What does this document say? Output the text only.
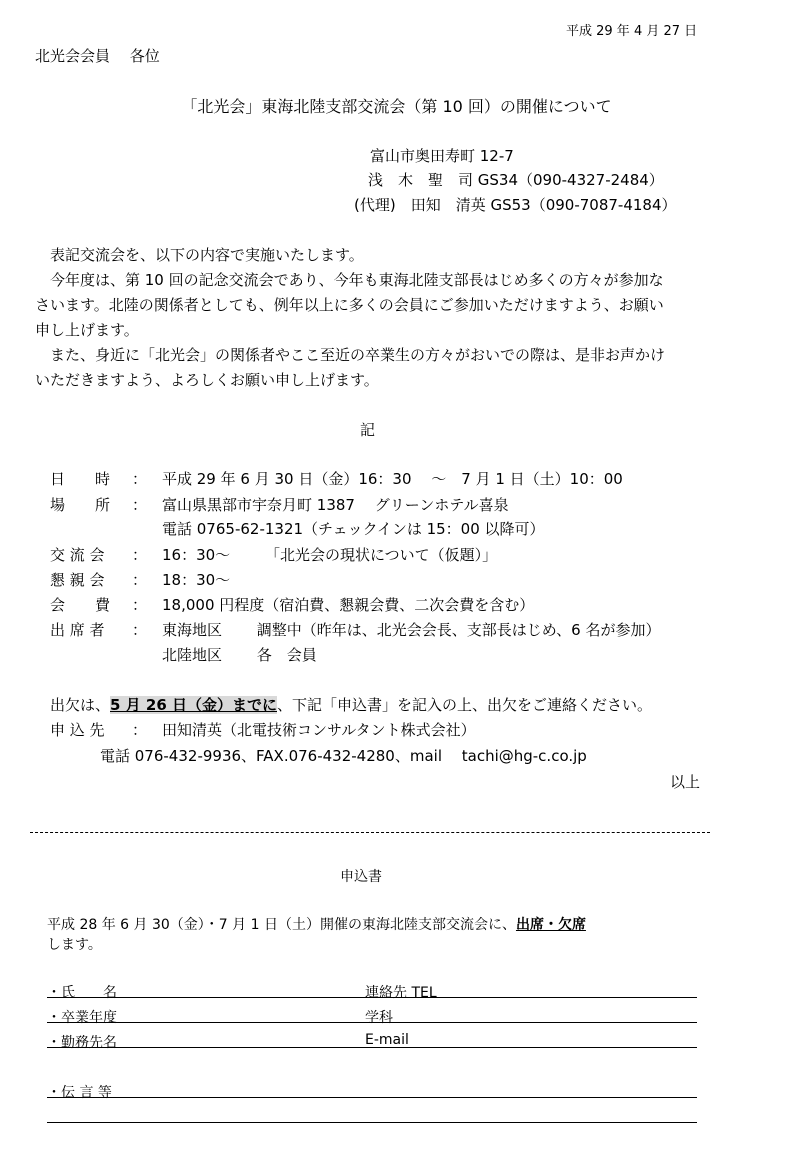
平成 29 年 4 月 27 日
北光会会員　 各位
「北光会」東海北陸支部交流会（第 10 回）の開催について
富山市奥田寿町 12-7
浅　木　聖　司 GS34（090-4327-2484）
(代理)　田知　清英 GS53（090-7087-4184）
　表記交流会を、以下の内容で実施いたします。
　今年度は、第 10 回の記念交流会であり、今年も東海北陸支部長はじめ多くの方々が参加な
さいます。北陸の関係者としても、例年以上に多くの会員にご参加いただけますよう、お願い
申し上げます。
　また、身近に「北光会」の関係者やここ至近の卒業生の方々がおいでの際は、是非お声かけ
いただきますよう、よろしくお願い申し上げます。
記
日　　時 ： 平成 29 年 6 月 30 日（金）16：30　 ～　7 月 1 日（土）10：00
場　　所 ： 富山県黒部市宇奈月町 1387　 グリーンホテル喜泉
電話 0765-62-1321（チェックインは 15：00 以降可）
交 流 会 ： 16：30～　　 「北光会の現状について（仮題）」
懇 親 会 ： 18：30～
会　　費 ： 18,000 円程度（宿泊費、懇親会費、二次会費を含む）
出 席 者 ： 東海地区　　 調整中（昨年は、北光会会長、支部長はじめ、6 名が参加）
北陸地区　　 各　会員
出欠は、5 月 26 日（金）までに、下記「申込書」を記入の上、出欠をご連絡ください。
申 込 先 ： 田知清英（北電技術コンサルタント株式会社）
電話 076-432-9936、FAX.076-432-4280、mail　 tachi@hg-c.co.jp
以上
申込書
平成 28 年 6 月 30（金）・7 月 1 日（土）開催の東海北陸支部交流会に、出席・欠席
します。
・氏　　名	連絡先 TEL
・卒業年度	学科
・勤務先名	E-mail
・伝 言 等
